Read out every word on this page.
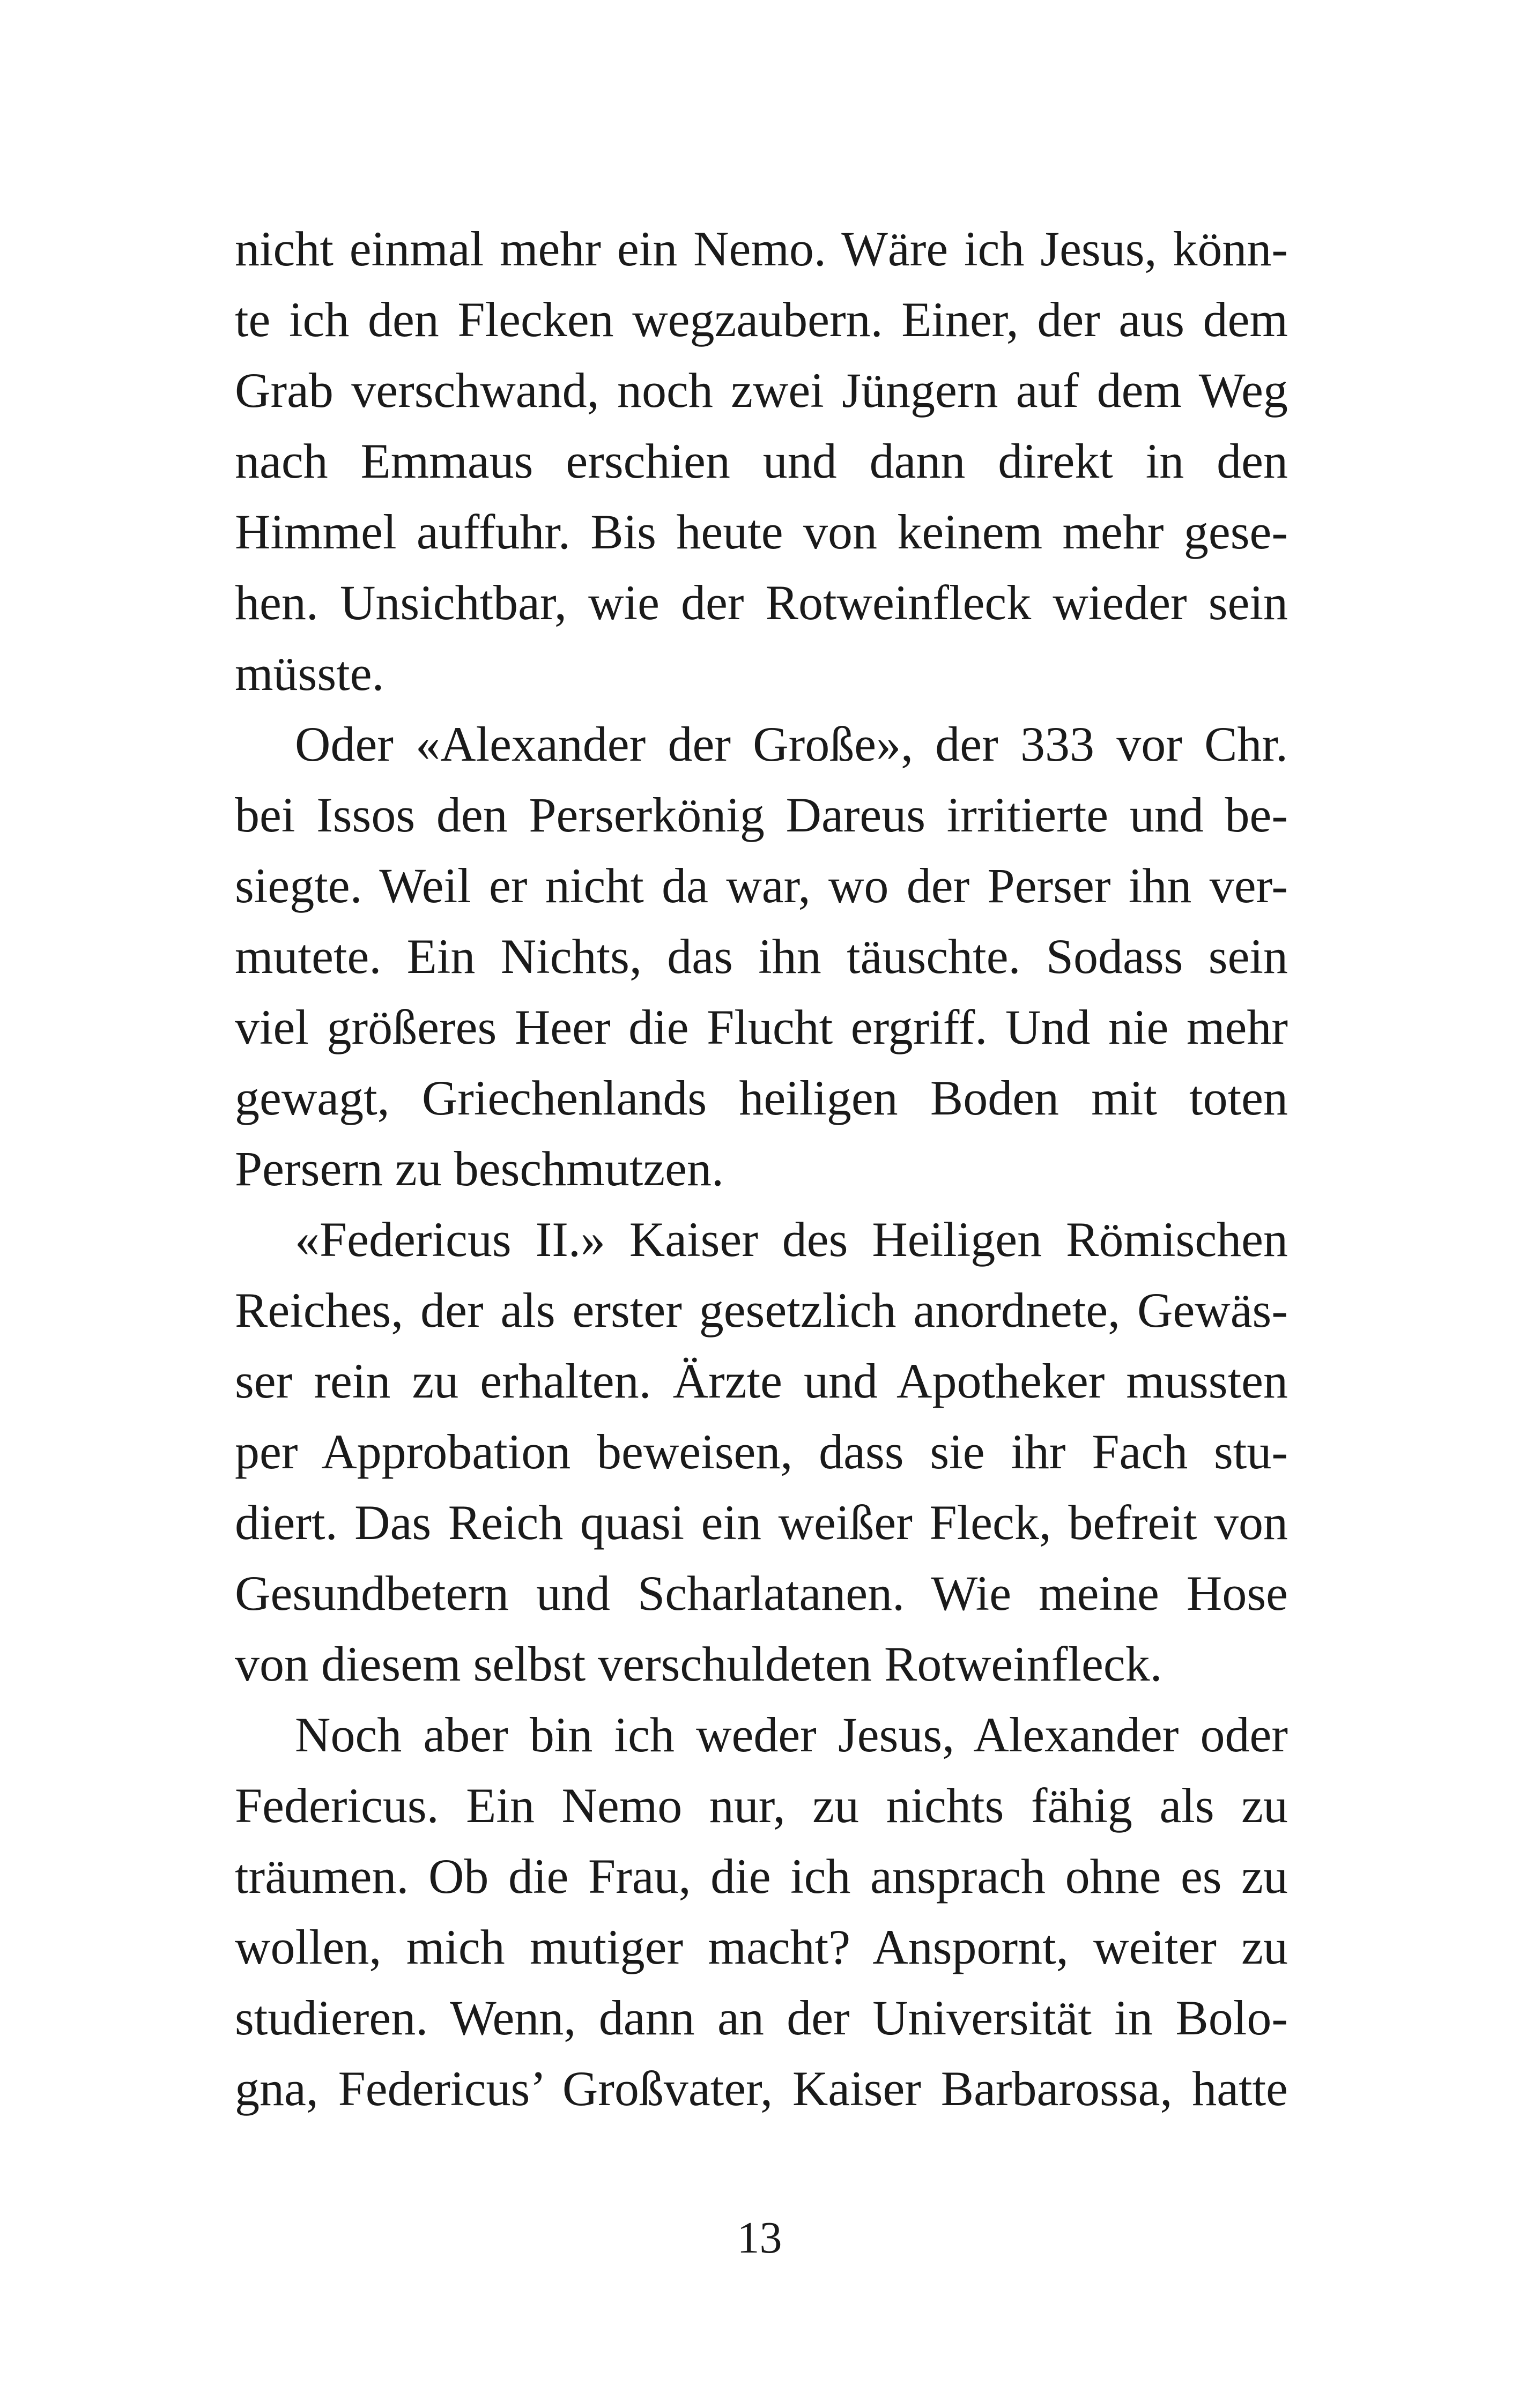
nicht einmal mehr ein Nemo. Wäre ich Jesus, könn-
te ich den Flecken wegzaubern. Einer, der aus dem
Grab verschwand, noch zwei Jüngern auf dem Weg
nach Emmaus erschien und dann direkt in den
Himmel auffuhr. Bis heute von keinem mehr gese-
hen. Unsichtbar, wie der Rotweinfleck wieder sein
müsste.
Oder «Alexander der Große», der 333 vor Chr.
bei Issos den Perserkönig Dareus irritierte und be-
siegte. Weil er nicht da war, wo der Perser ihn ver-
mutete. Ein Nichts, das ihn täuschte. Sodass sein
viel größeres Heer die Flucht ergriff. Und nie mehr
gewagt, Griechenlands heiligen Boden mit toten
Persern zu beschmutzen.
«Federicus II.» Kaiser des Heiligen Römischen
Reiches, der als erster gesetzlich anordnete, Gewäs-
ser rein zu erhalten. Ärzte und Apotheker mussten
per Approbation beweisen, dass sie ihr Fach stu-
diert. Das Reich quasi ein weißer Fleck, befreit von
Gesundbetern und Scharlatanen. Wie meine Hose
von diesem selbst verschuldeten Rotweinfleck.
Noch aber bin ich weder Jesus, Alexander oder
Federicus. Ein Nemo nur, zu nichts fähig als zu
träumen. Ob die Frau, die ich ansprach ohne es zu
wollen, mich mutiger macht? Anspornt, weiter zu
studieren. Wenn, dann an der Universität in Bolo-
gna, Federicus’ Großvater, Kaiser Barbarossa, hatte
13
